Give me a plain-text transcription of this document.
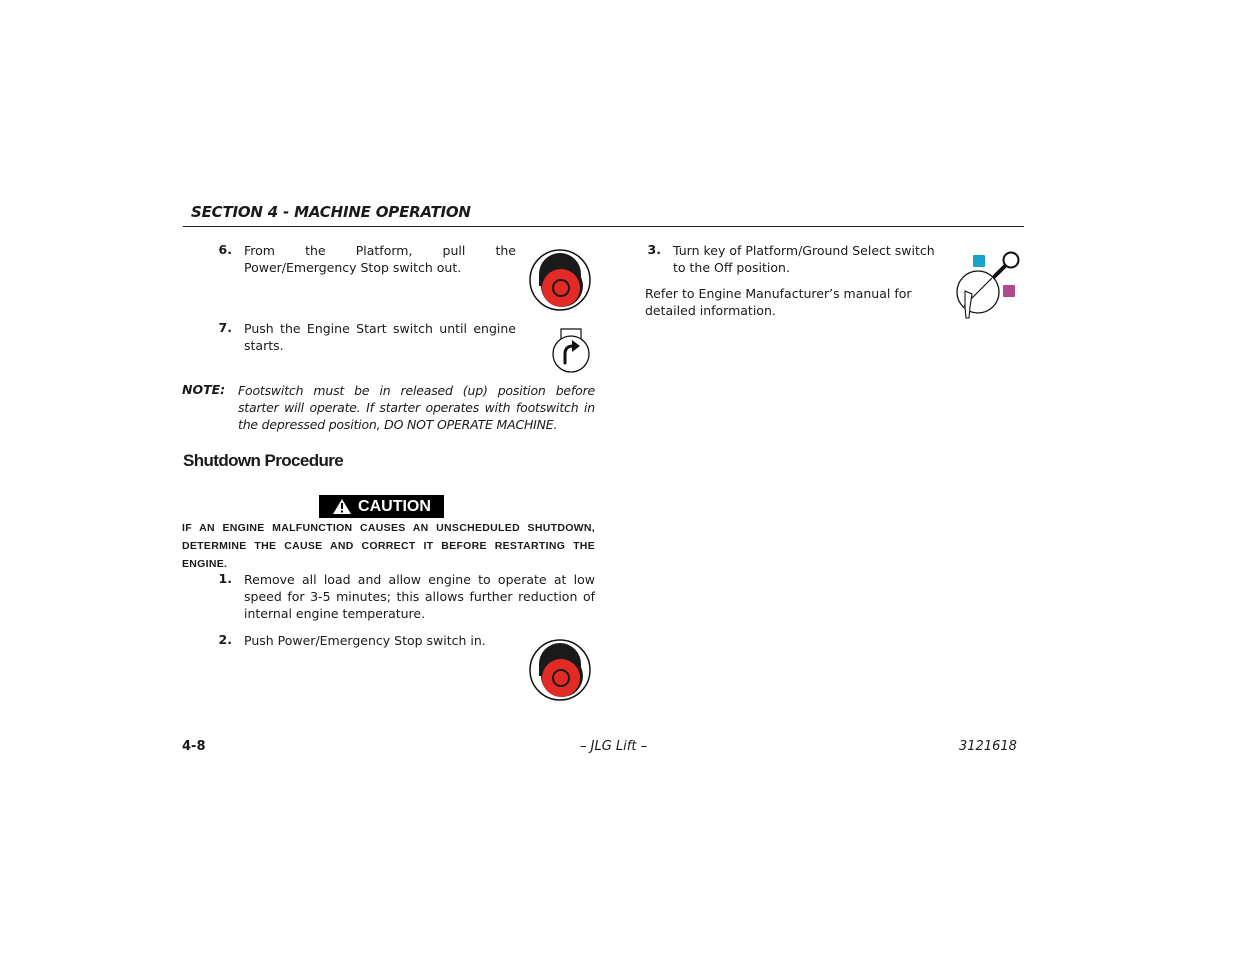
SECTION 4 - MACHINE OPERATION
6. From the Platform, pull the Power/Emergency Stop switch out.
7. Push the Engine Start switch until engine starts.
NOTE: Footswitch must be in released (up) position before starter will operate. If starter operates with footswitch in the depressed position, DO NOT OPERATE MACHINE.
Shutdown Procedure
CAUTION
IF AN ENGINE MALFUNCTION CAUSES AN UNSCHEDULED SHUTDOWN, DETERMINE THE CAUSE AND CORRECT IT BEFORE RESTARTING THE ENGINE.
1. Remove all load and allow engine to operate at low speed for 3-5 minutes; this allows further reduction of internal engine temperature.
2. Push Power/Emergency Stop switch in.
3. Turn key of Platform/Ground Select switch to the Off position.
Refer to Engine Manufacturer’s manual for detailed information.
4-8	– JLG Lift –	3121618
